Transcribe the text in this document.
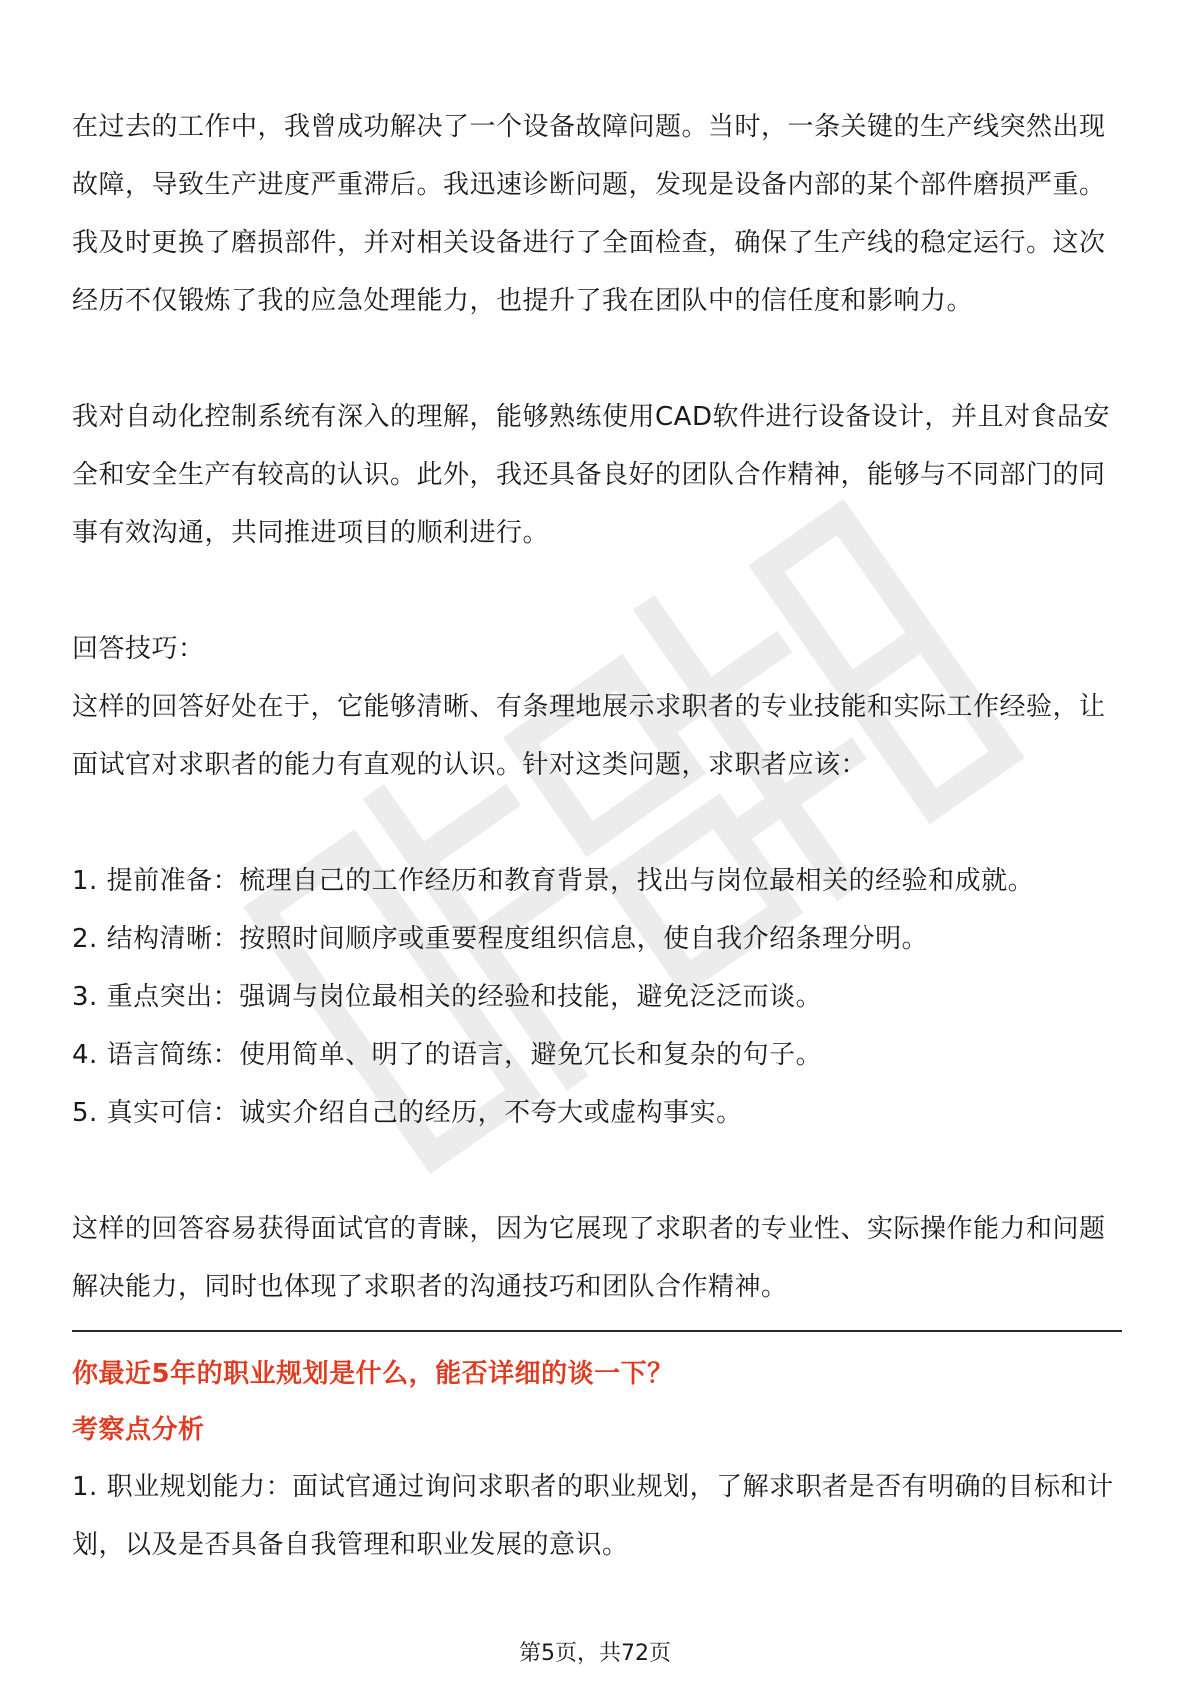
在过去的工作中，我曾成功解决了一个设备故障问题。当时，一条关键的生产线突然出现故障，导致生产进度严重滞后。我迅速诊断问题，发现是设备内部的某个部件磨损严重。我及时更换了磨损部件，并对相关设备进行了全面检查，确保了生产线的稳定运行。这次经历不仅锻炼了我的应急处理能力，也提升了我在团队中的信任度和影响力。

我对自动化控制系统有深入的理解，能够熟练使用CAD软件进行设备设计，并且对食品安全和安全生产有较高的认识。此外，我还具备良好的团队合作精神，能够与不同部门的同事有效沟通，共同推进项目的顺利进行。

回答技巧：

这样的回答好处在于，它能够清晰、有条理地展示求职者的专业技能和实际工作经验，让面试官对求职者的能力有直观的认识。针对这类问题，求职者应该：

1. 提前准备：梳理自己的工作经历和教育背景，找出与岗位最相关的经验和成就。
2. 结构清晰：按照时间顺序或重要程度组织信息，使自我介绍条理分明。
3. 重点突出：强调与岗位最相关的经验和技能，避免泛泛而谈。
4. 语言简练：使用简单、明了的语言，避免冗长和复杂的句子。
5. 真实可信：诚实介绍自己的经历，不夸大或虚构事实。

这样的回答容易获得面试官的青睐，因为它展现了求职者的专业性、实际操作能力和问题解决能力，同时也体现了求职者的沟通技巧和团队合作精神。

你最近5年的职业规划是什么，能否详细的谈一下？

考察点分析

1. 职业规划能力：面试官通过询问求职者的职业规划，了解求职者是否有明确的目标和计划，以及是否具备自我管理和职业发展的意识。

第5页，共72页
